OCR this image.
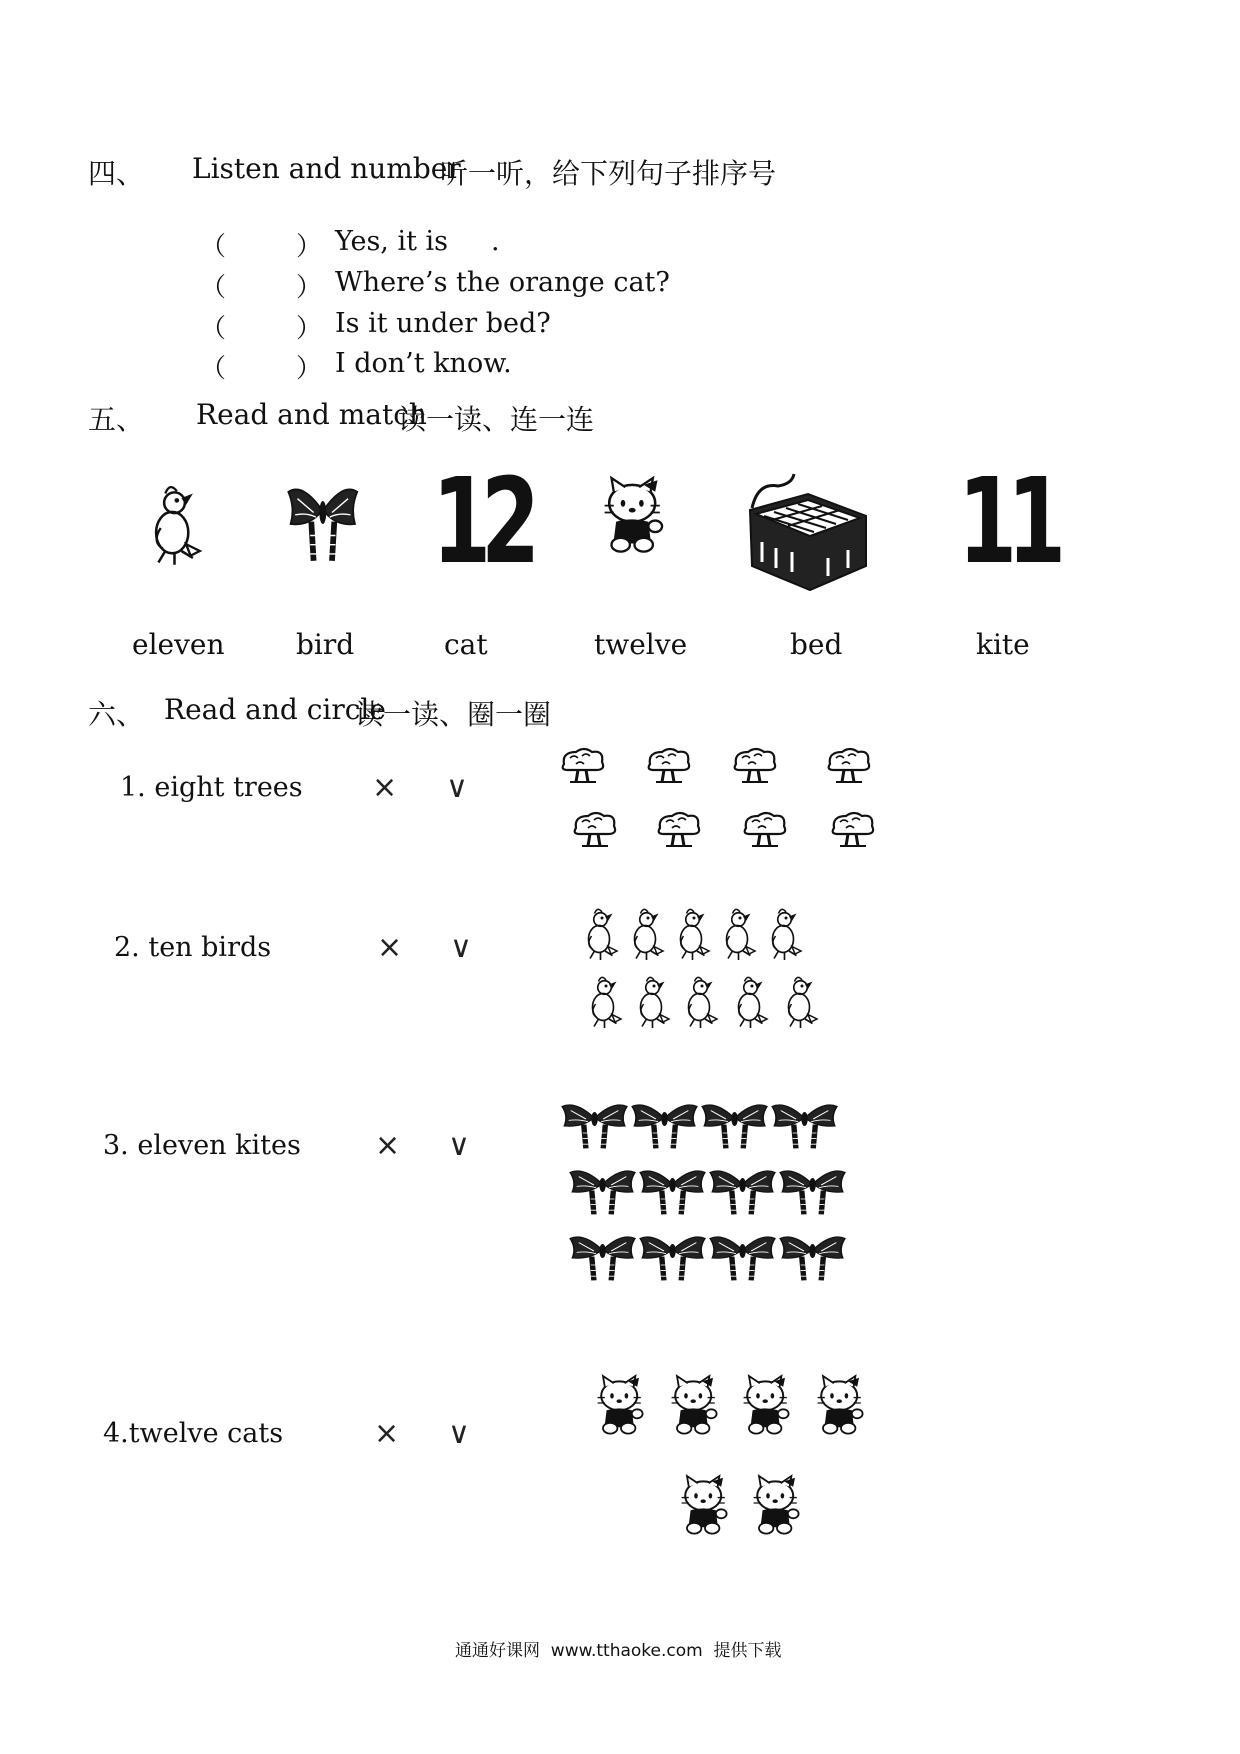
四、 Listen and number
听一听，给下列句子排序号
（	） Yes, it is     .
（	） Where’s the orange cat?
（	） Is it under bed?
（	） I don’t know.
五、 Read and match
读一读、连一连
12	11
eleven	bird	cat	twelve	bed	kite
六、 Read and circle
读一读、圈一圈
1. eight trees × ∨
2. ten birds	× ∨
3. eleven kites × ∨
4.twelve cats	× ∨
通通好课网  www.tthaoke.com  提供下载
